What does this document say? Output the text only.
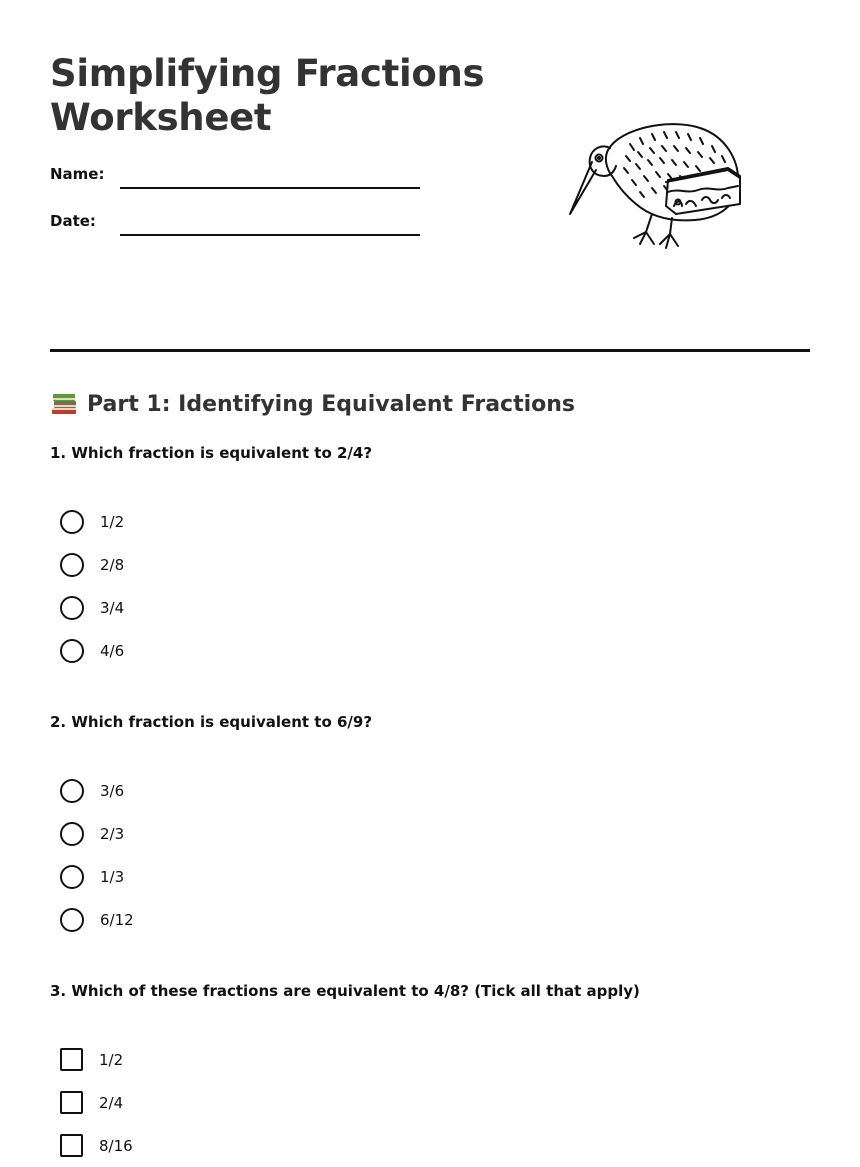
Simplifying Fractions Worksheet
Name:
Date:
Part 1: Identifying Equivalent Fractions

1. Which fraction is equivalent to 2/4?

1/2
2/8
3/4
4/6

2. Which fraction is equivalent to 6/9?

3/6
2/3
1/3
6/12

3. Which of these fractions are equivalent to 4/8? (Tick all that apply)

1/2
2/4
8/16
